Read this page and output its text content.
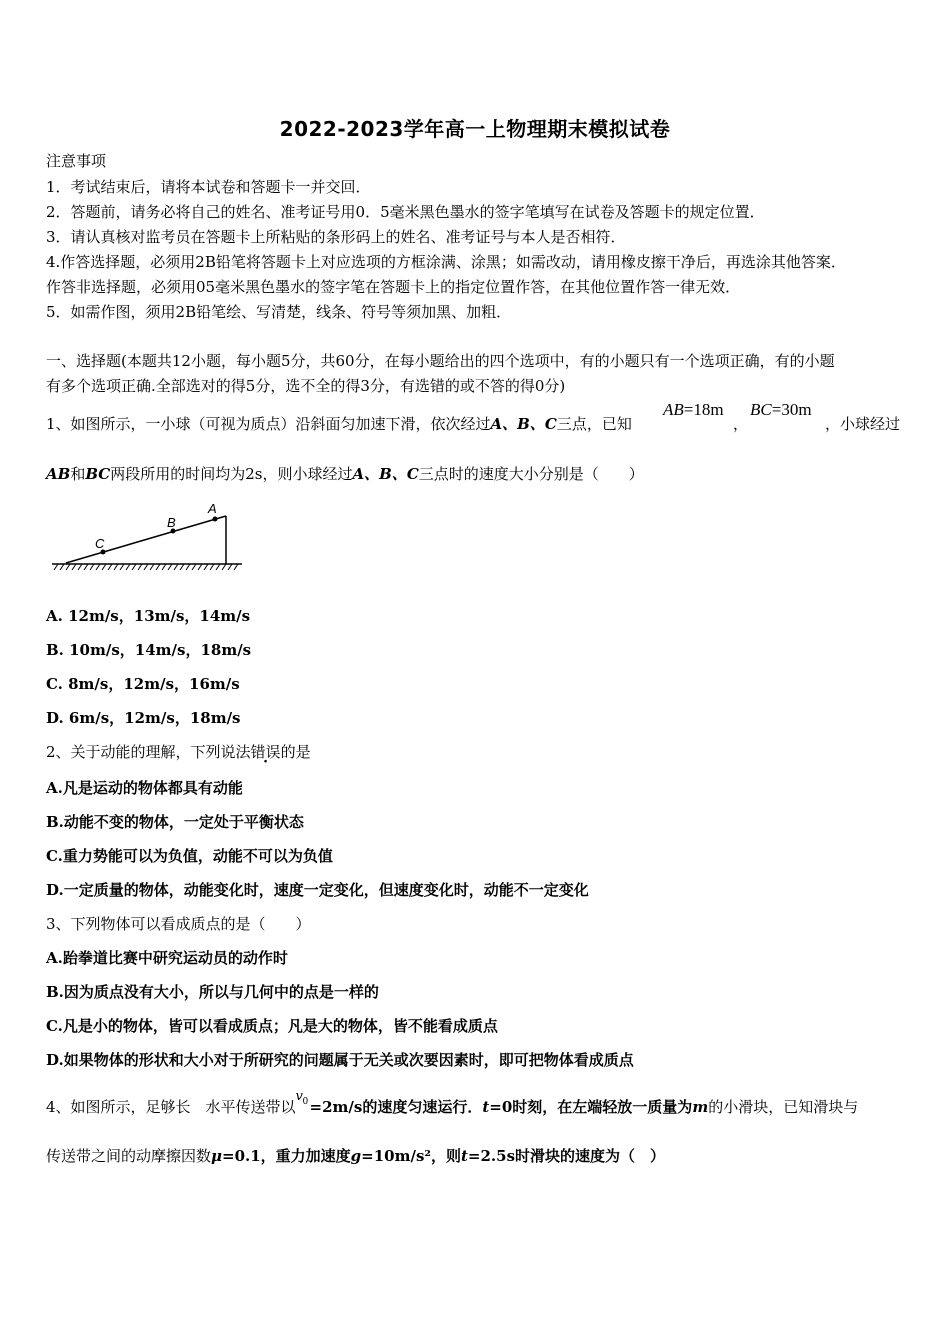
2022-2023学年高一上物理期末模拟试卷
注意事项
1．考试结束后，请将本试卷和答题卡一并交回．
2．答题前，请务必将自己的姓名、准考证号用0．5毫米黑色墨水的签字笔填写在试卷及答题卡的规定位置．
3．请认真核对监考员在答题卡上所粘贴的条形码上的姓名、准考证号与本人是否相符．
4.作答选择题，必须用2B铅笔将答题卡上对应选项的方框涂满、涂黑；如需改动，请用橡皮擦干净后，再选涂其他答案．
作答非选择题，必须用05毫米黑色墨水的签字笔在答题卡上的指定位置作答，在其他位置作答一律无效．
5．如需作图，须用2B铅笔绘、写清楚，线条、符号等须加黑、加粗．
一、选择题(本题共12小题，每小题5分，共60分，在每小题给出的四个选项中，有的小题只有一个选项正确，有的小题
有多个选项正确.全部选对的得5分，选不全的得3分，有选错的或不答的得0分)
1、如图所示，一小球（可视为质点）沿斜面匀加速下滑，依次经过A、B、C三点，已知
AB=18m
，
BC=30m
，小球经过
AB和BC两段所用的时间均为2s，则小球经过A、B、C三点时的速度大小分别是（　　）
C
B
A
A. 12m/s，13m/s，14m/s
B. 10m/s，14m/s，18m/s
C. 8m/s，12m/s，16m/s
D. 6m/s，12m/s，18m/s
2、关于动能的理解，下列说法错误的是
A.凡是运动的物体都具有动能
B.动能不变的物体，一定处于平衡状态
C.重力势能可以为负值，动能不可以为负值
D.一定质量的物体，动能变化时，速度一定变化，但速度变化时，动能不一定变化
3、下列物体可以看成质点的是（　　）
A.跆拳道比赛中研究运动员的动作时
B.因为质点没有大小，所以与几何中的点是一样的
C.凡是小的物体，皆可以看成质点；凡是大的物体，皆不能看成质点
D.如果物体的形状和大小对于所研究的问题属于无关或次要因素时，即可把物体看成质点
4、如图所示，足够长　水平传送带以
v 0 =2m/s的速度匀速运行．t=0时刻，在左端轻放一质量为m的小滑块，已知滑块与
传送带之间的动摩擦因数μ=0.1，重力加速度g=10m/s²，则t=2.5s时滑块的速度为（　）
